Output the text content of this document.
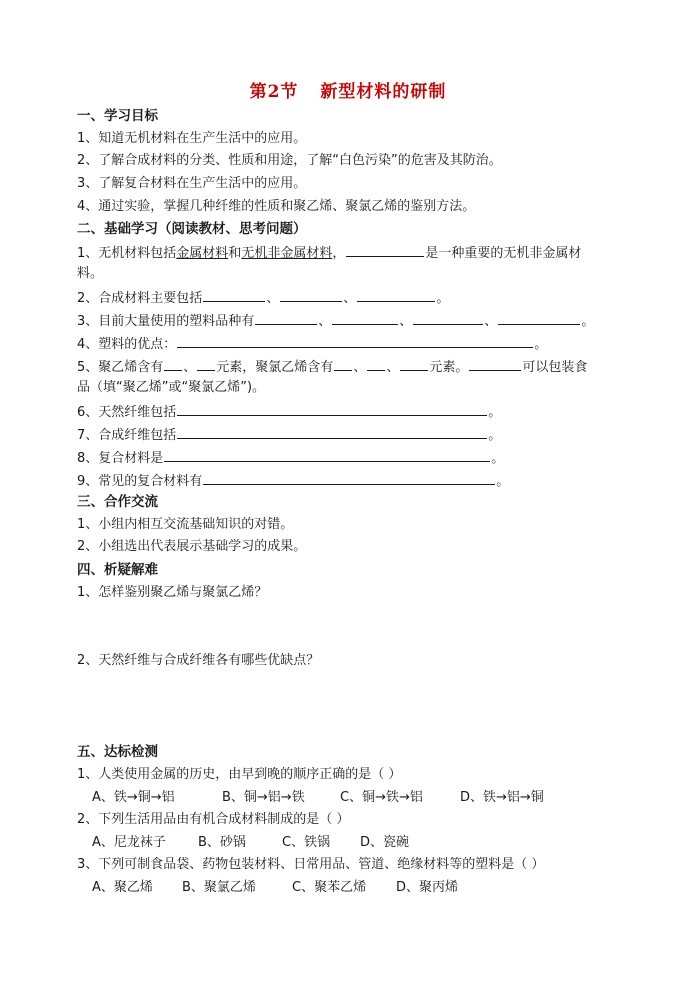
第2节 新型材料的研制
一、学习目标
1、知道无机材料在生产生活中的应用。
2、了解合成材料的分类、性质和用途，了解“白色污染”的危害及其防治。
3、了解复合材料在生产生活中的应用。
4、通过实验，掌握几种纤维的性质和聚乙烯、聚氯乙烯的鉴别方法。
二、基础学习（阅读教材、思考问题）
1、无机材料包括金属材料和无机非金属材料，	是一种重要的无机非金属材
料。
2、合成材料主要包括	、	、	。
3、目前大量使用的塑料品种有	、	、	、	。
4、塑料的优点：	。
5、聚乙烯含有 、 元素，聚氯乙烯含有 、 、 元素。	可以包装食
品（填“聚乙烯”或“聚氯乙烯”)。
6、天然纤维包括	。
7、合成纤维包括	。
8、复合材料是	。
9、常见的复合材料有	。
三、合作交流
1、小组内相互交流基础知识的对错。
2、小组选出代表展示基础学习的成果。
四、析疑解难
1、怎样鉴别聚乙烯与聚氯乙烯？
2、天然纤维与合成纤维各有哪些优缺点？
五、达标检测
1、人类使用金属的历史，由早到晚的顺序正确的是（ ）
A、铁→铜→铝	B、铜→铝→铁	C、铜→铁→铝	D、铁→铝→铜
2、下列生活用品由有机合成材料制成的是（ ）
A、尼龙袜子 B、砂锅	C、铁锅 D、瓷碗
3、下列可制食品袋、药物包装材料、日常用品、管道、绝缘材料等的塑料是（ ）
A、聚乙烯 B、聚氯乙烯	C、聚苯乙烯 D、聚丙烯
